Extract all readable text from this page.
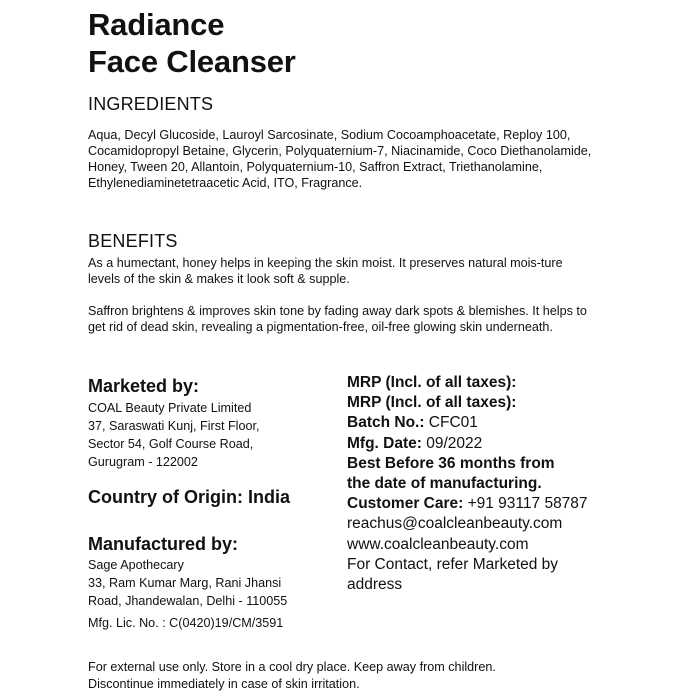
Radiance
Face Cleanser
INGREDIENTS
Aqua, Decyl Glucoside, Lauroyl Sarcosinate, Sodium Cocoamphoacetate, Reploy 100, Cocamidopropyl Betaine, Glycerin, Polyquaternium-7, Niacinamide, Coco Diethanolamide, Honey, Tween 20, Allantoin, Polyquaternium-10, Saffron Extract, Triethanolamine, Ethylenediaminetetraacetic Acid, ITO, Fragrance.
BENEFITS
As a humectant, honey helps in keeping the skin moist. It preserves natural mois-ture levels of the skin & makes it look soft & supple.
Saffron brightens & improves skin tone by fading away dark spots & blemishes. It helps to get rid of dead skin, revealing a pigmentation-free, oil-free glowing skin underneath.
Marketed by:
COAL Beauty Private Limited
37, Saraswati Kunj, First Floor,
Sector 54, Golf Course Road,
Gurugram - 122002
Country of Origin: India
Manufactured by:
Sage Apothecary
33, Ram Kumar Marg, Rani Jhansi
Road, Jhandewalan, Delhi - 110055
Mfg. Lic. No. : C(0420)19/CM/3591
MRP (Incl. of all taxes):
MRP (Incl. of all taxes):
Batch No.: CFC01
Mfg. Date: 09/2022
Best Before 36 months from
the date of manufacturing.
Customer Care: +91 93117 58787
reachus@coalcleanbeauty.com
www.coalcleanbeauty.com
For Contact, refer Marketed by
address
For external use only. Store in a cool dry place. Keep away from children.
Discontinue immediately in case of skin irritation.
